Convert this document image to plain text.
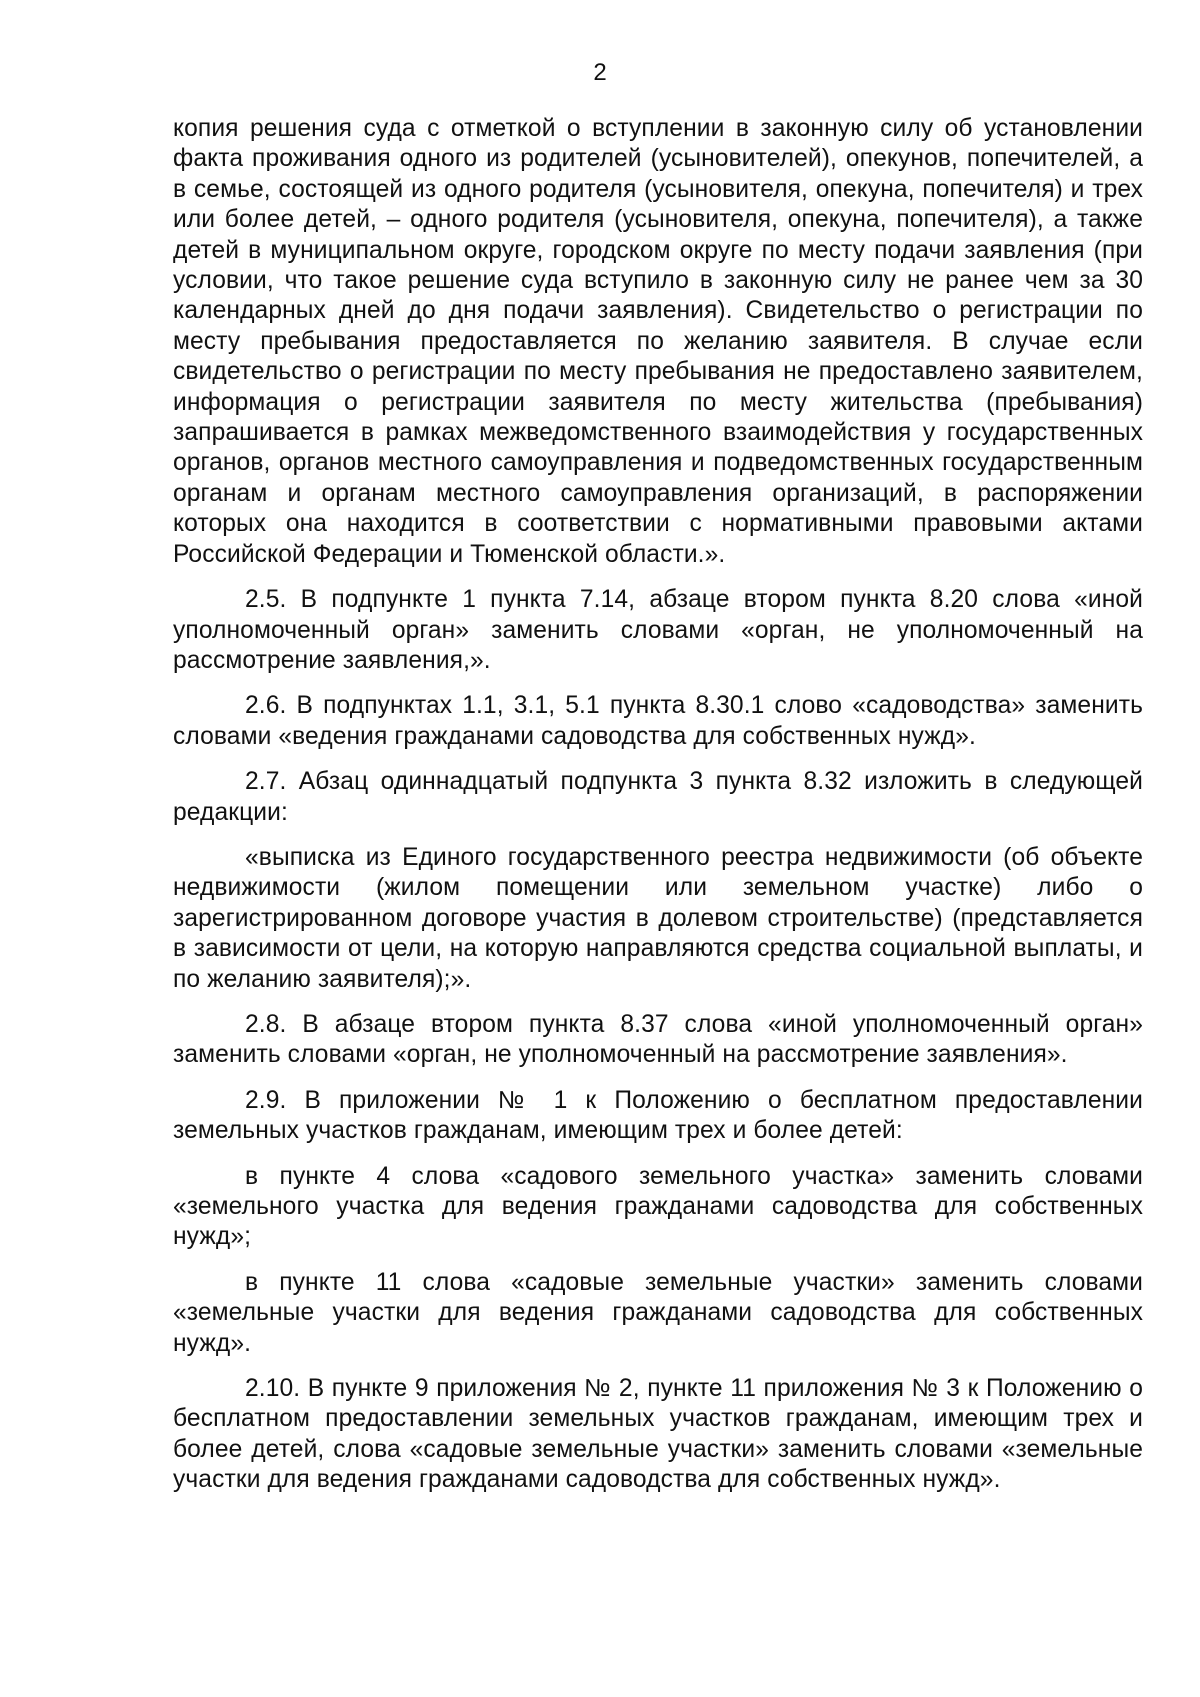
2

копия решения суда с отметкой о вступлении в законную силу об установлении факта проживания одного из родителей (усыновителей), опекунов, попечителей, а в семье, состоящей из одного родителя (усыновителя, опекуна, попечителя) и трех или более детей, – одного родителя (усыновителя, опекуна, попечителя), а также детей в муниципальном округе, городском округе по месту подачи заявления (при условии, что такое решение суда вступило в законную силу не ранее чем за 30 календарных дней до дня подачи заявления). Свидетельство о регистрации по месту пребывания предоставляется по желанию заявителя. В случае если свидетельство о регистрации по месту пребывания не предоставлено заявителем, информация о регистрации заявителя по месту жительства (пребывания) запрашивается в рамках межведомственного взаимодействия у государственных органов, органов местного самоуправления и подведомственных государственным органам и органам местного самоуправления организаций, в распоряжении которых она находится в соответствии с нормативными правовыми актами Российской Федерации и Тюменской области.».

2.5. В подпункте 1 пункта 7.14, абзаце втором пункта 8.20 слова «иной уполномоченный орган» заменить словами «орган, не уполномоченный на рассмотрение заявления,».

2.6. В подпунктах 1.1, 3.1, 5.1 пункта 8.30.1 слово «садоводства» заменить словами «ведения гражданами садоводства для собственных нужд».

2.7. Абзац одиннадцатый подпункта 3 пункта 8.32 изложить в следующей редакции:

«выписка из Единого государственного реестра недвижимости (об объекте недвижимости (жилом помещении или земельном участке) либо о зарегистрированном договоре участия в долевом строительстве) (представляется в зависимости от цели, на которую направляются средства социальной выплаты, и по желанию заявителя);».

2.8. В абзаце втором пункта 8.37 слова «иной уполномоченный орган» заменить словами «орган, не уполномоченный на рассмотрение заявления».

2.9. В приложении № 1 к Положению о бесплатном предоставлении земельных участков гражданам, имеющим трех и более детей:

в пункте 4 слова «садового земельного участка» заменить словами «земельного участка для ведения гражданами садоводства для собственных нужд»;

в пункте 11 слова «садовые земельные участки» заменить словами «земельные участки для ведения гражданами садоводства для собственных нужд».

2.10. В пункте 9 приложения № 2, пункте 11 приложения № 3 к Положению о бесплатном предоставлении земельных участков гражданам, имеющим трех и более детей, слова «садовые земельные участки» заменить словами «земельные участки для ведения гражданами садоводства для собственных нужд».
